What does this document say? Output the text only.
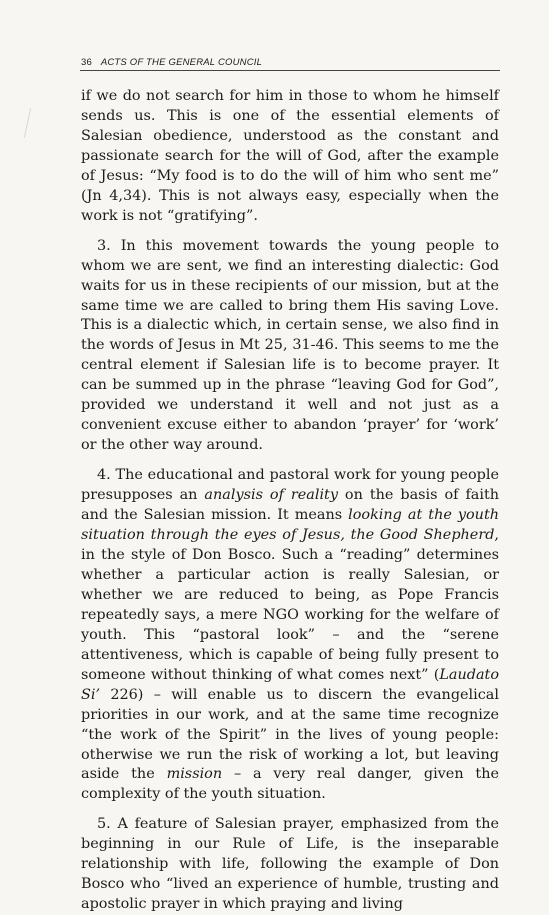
36 ACTS OF THE GENERAL COUNCIL

if we do not search for him in those to whom he himself sends us. This is one of the essential elements of Salesian obedience, understood as the constant and passionate search for the will of God, after the example of Jesus: “My food is to do the will of him who sent me” (Jn 4,34). This is not always easy, especially when the work is not “gratifying”.

3. In this movement towards the young people to whom we are sent, we find an interesting dialectic: God waits for us in these recipients of our mission, but at the same time we are called to bring them His saving Love. This is a dialectic which, in certain sense, we also find in the words of Jesus in Mt 25, 31-46. This seems to me the central element if Salesian life is to become prayer. It can be summed up in the phrase “leaving God for God”, provided we understand it well and not just as a convenient excuse either to abandon ‘prayer’ for ‘work’ or the other way around.

4. The educational and pastoral work for young people presupposes an analysis of reality on the basis of faith and the Salesian mission. It means looking at the youth situation through the eyes of Jesus, the Good Shepherd, in the style of Don Bosco. Such a “reading” determines whether a particular action is really Salesian, or whether we are reduced to being, as Pope Francis repeatedly says, a mere NGO working for the welfare of youth. This “pastoral look” – and the “serene attentiveness, which is capable of being fully present to someone without thinking of what comes next” (Laudato Si’ 226) – will enable us to discern the evangelical priorities in our work, and at the same time recognize “the work of the Spirit” in the lives of young people: otherwise we run the risk of working a lot, but leaving aside the mission – a very real danger, given the complexity of the youth situation.

5. A feature of Salesian prayer, emphasized from the beginning in our Rule of Life, is the inseparable relationship with life, following the example of Don Bosco who “lived an experience of humble, trusting and apostolic prayer in which praying and living
